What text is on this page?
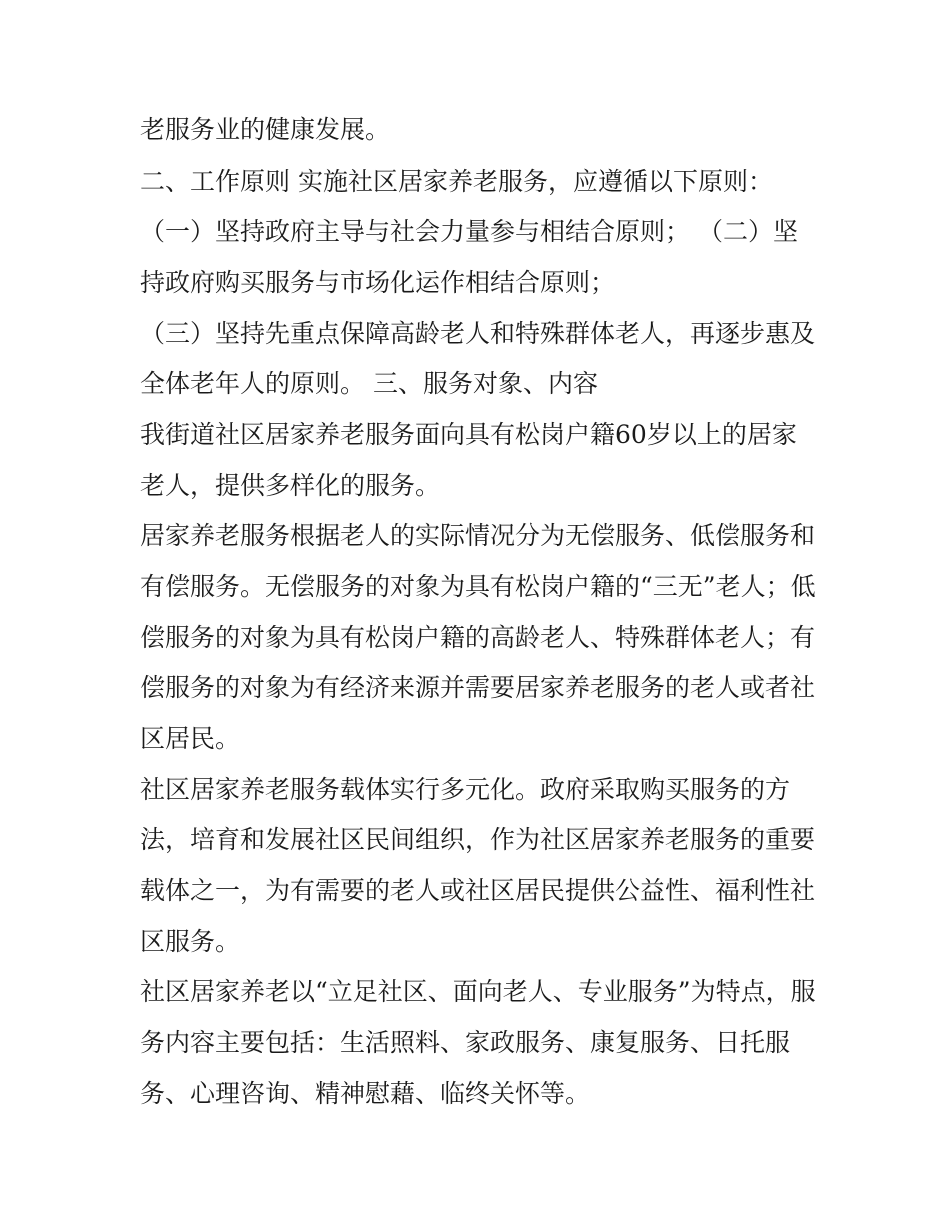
老服务业的健康发展。
二、工作原则 实施社区居家养老服务，应遵循以下原则：
（一）坚持政府主导与社会力量参与相结合原则； （二）坚
持政府购买服务与市场化运作相结合原则；
（三）坚持先重点保障高龄老人和特殊群体老人，再逐步惠及
全体老年人的原则。 三、服务对象、内容
我街道社区居家养老服务面向具有松岗户籍60岁以上的居家
老人，提供多样化的服务。
居家养老服务根据老人的实际情况分为无偿服务、低偿服务和
有偿服务。无偿服务的对象为具有松岗户籍的“三无”老人；低
偿服务的对象为具有松岗户籍的高龄老人、特殊群体老人；有
偿服务的对象为有经济来源并需要居家养老服务的老人或者社
区居民。
社区居家养老服务载体实行多元化。政府采取购买服务的方
法，培育和发展社区民间组织，作为社区居家养老服务的重要
载体之一，为有需要的老人或社区居民提供公益性、福利性社
区服务。
社区居家养老以“立足社区、面向老人、专业服务”为特点，服
务内容主要包括：生活照料、家政服务、康复服务、日托服
务、心理咨询、精神慰藉、临终关怀等。
